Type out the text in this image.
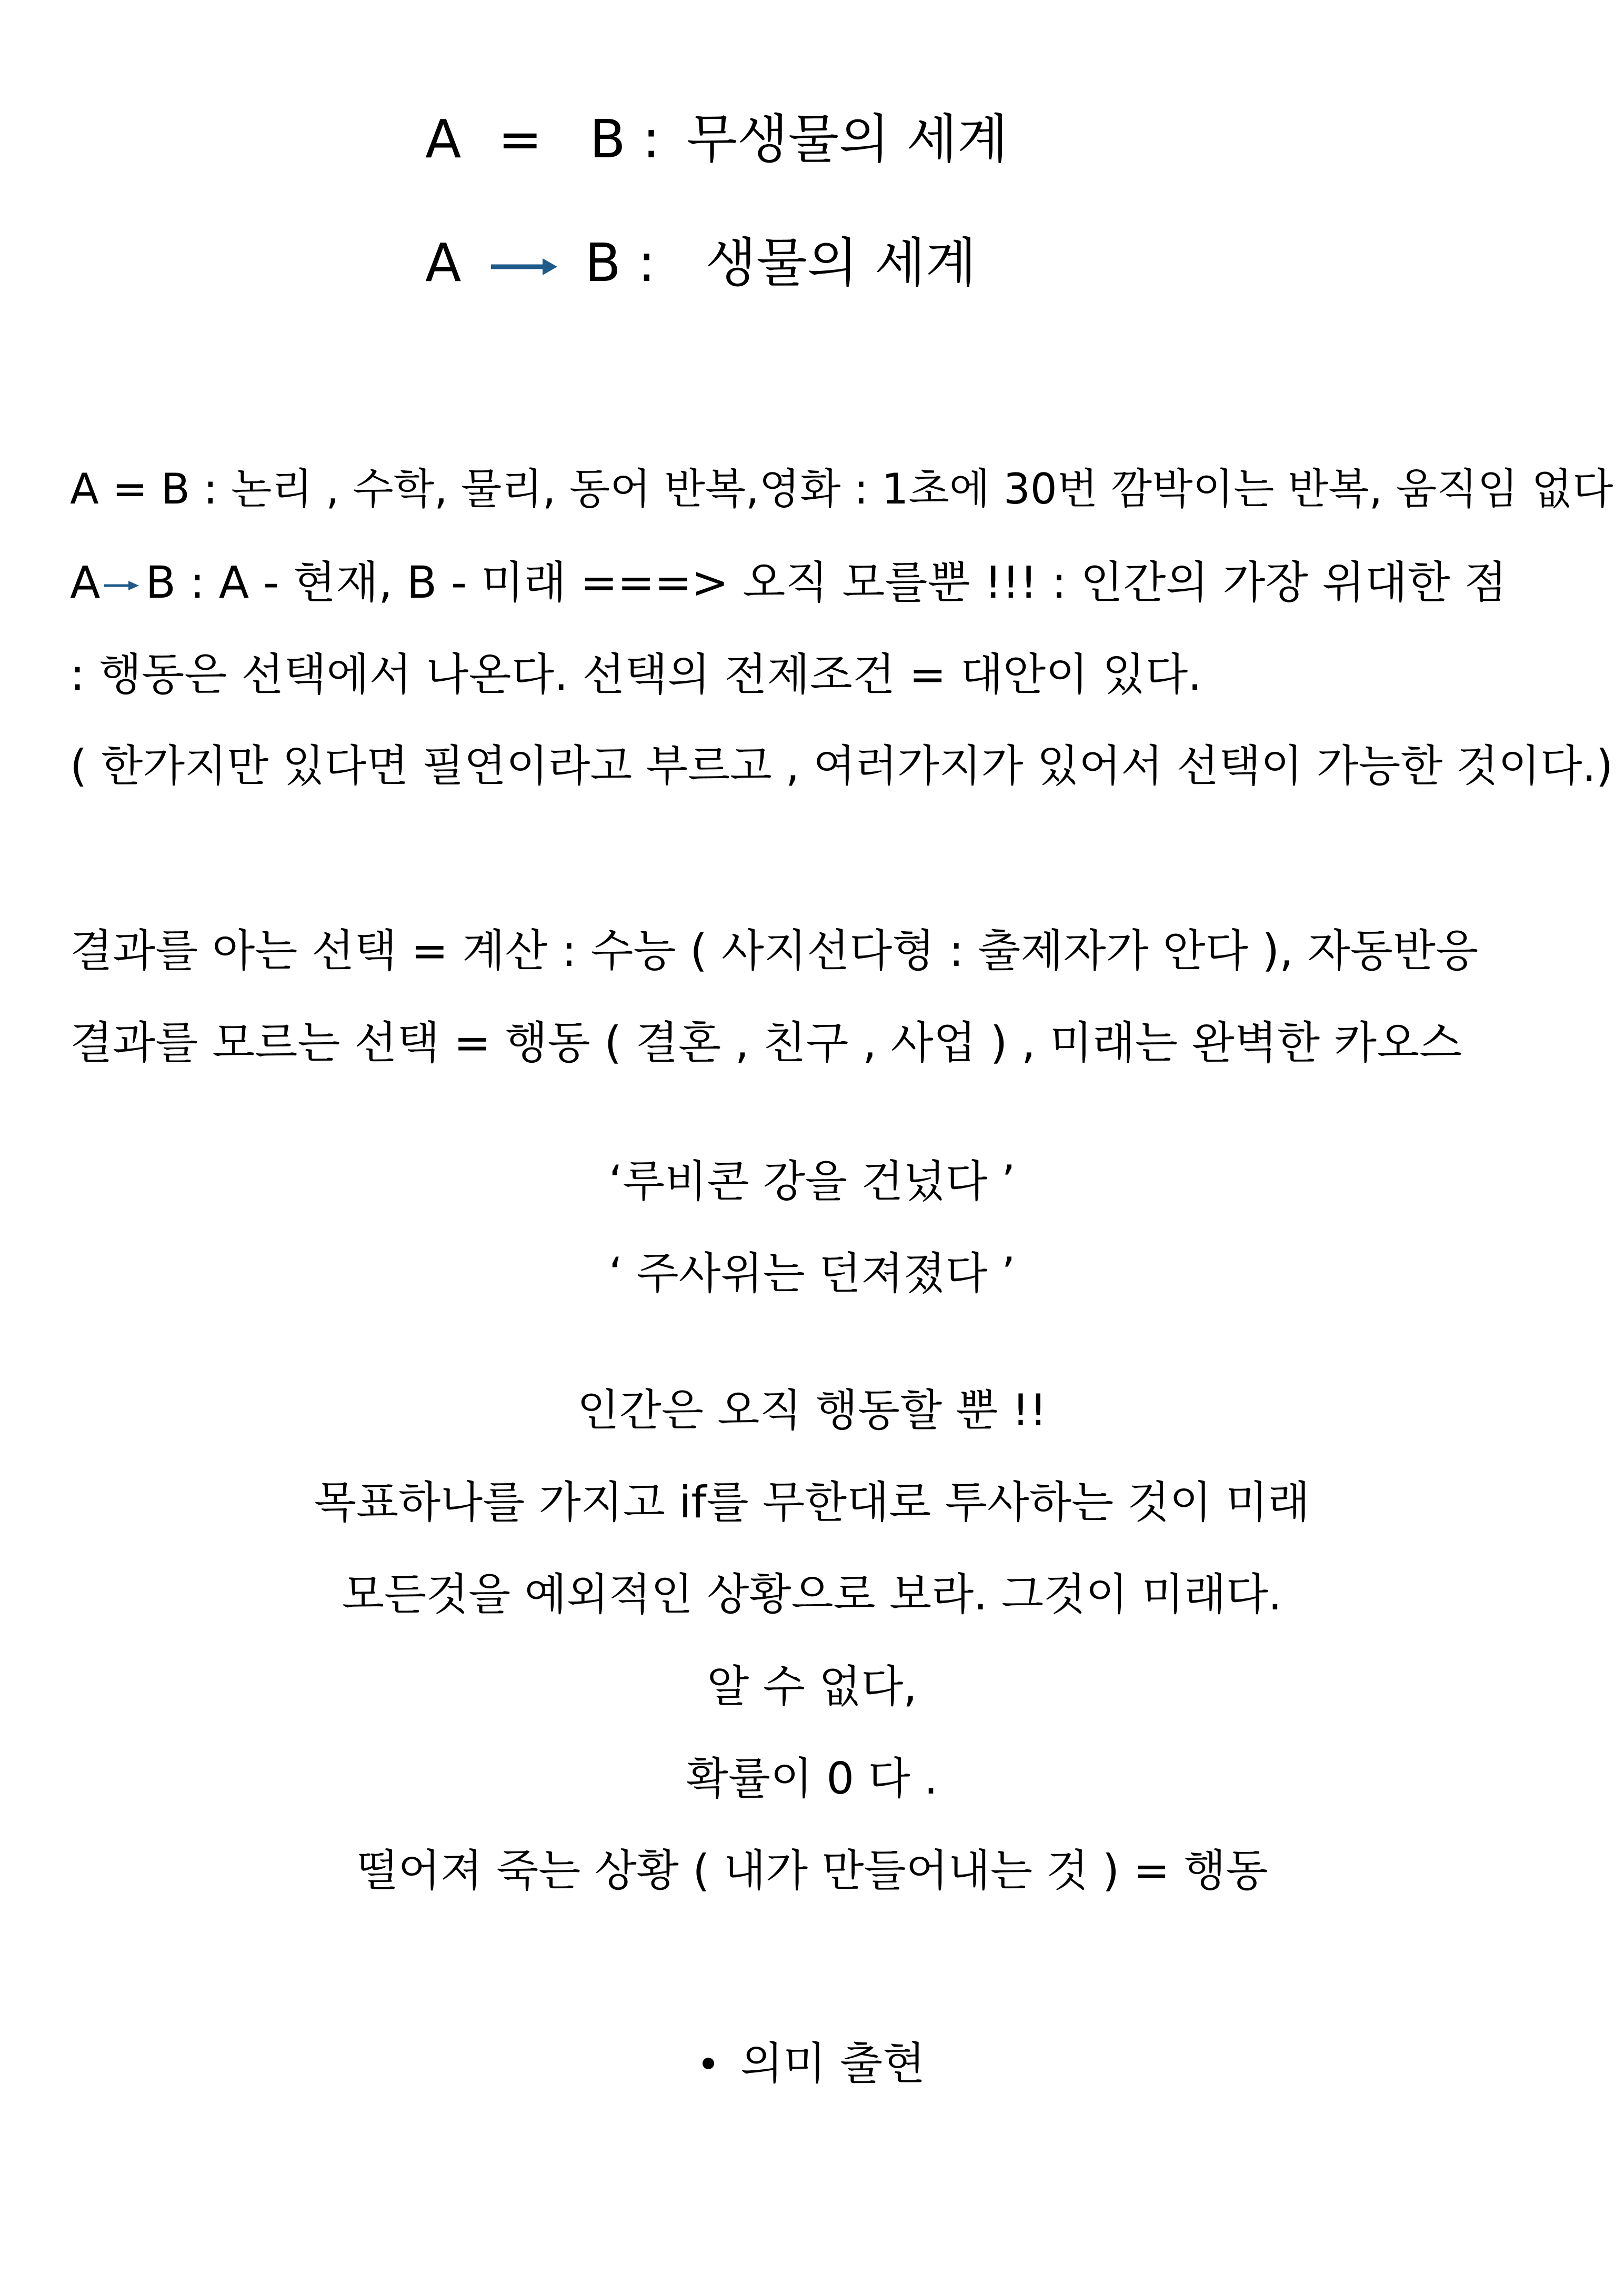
A = B : 무생물의 세계
A B : 생물의 세계
A = B : 논리 , 수학, 물리, 동어 반복,영화 : 1초에 30번 깜박이는 반복, 움직임 없다
A B : A - 현재, B - 미래 ===> 오직 모를뿐 !!! : 인간의 가장 위대한 점
: 행동은 선택에서 나온다. 선택의 전제조건 = 대안이 있다.
( 한가지만 있다면 필연이라고 부르고 , 여러가지가 있어서 선택이 가능한 것이다.)
결과를 아는 선택 = 계산 : 수능 ( 사지선다형 : 출제자가 안다 ), 자동반응
결과를 모르는 선택 = 행동 ( 결혼 , 친구 , 사업 ) , 미래는 완벽한 카오스
‘루비콘 강을 건넜다 ’
‘ 주사위는 던져졌다 ’
인간은 오직 행동할 뿐 !!
목표하나를 가지고 if를 무한대로 투사하는 것이 미래
모든것을 예외적인 상황으로 보라. 그것이 미래다.
알 수 없다,
확률이 0 다 .
떨어져 죽는 상황 ( 내가 만들어내는 것 ) = 행동
의미 출현
